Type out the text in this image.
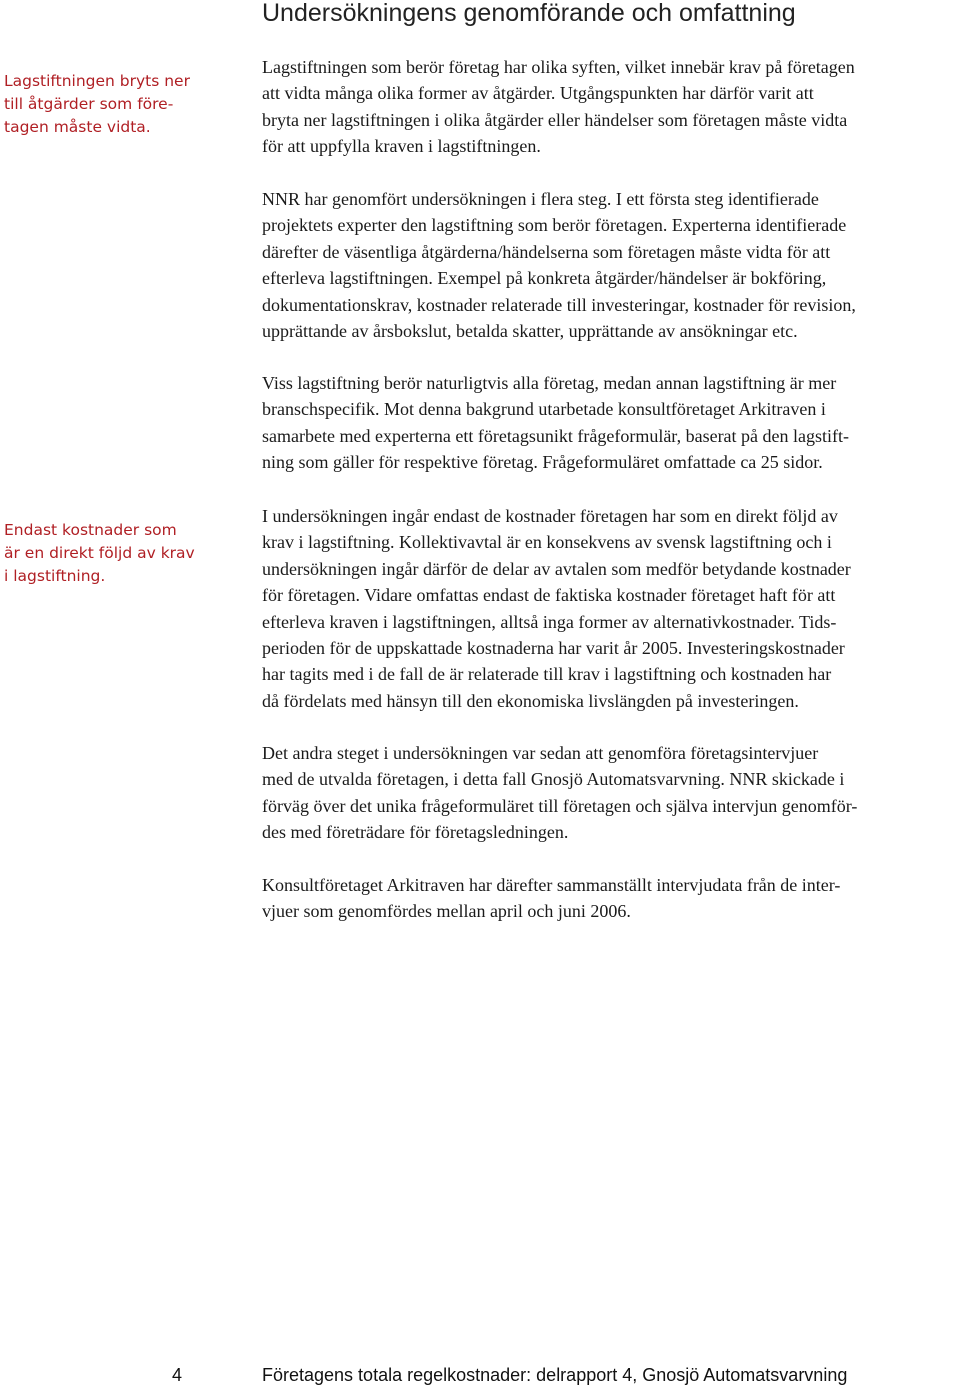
Undersökningens genomförande och omfattning
Lagstiftningen bryts ner
till åtgärder som före-
tagen måste vidta.
Endast kostnader som
är en direkt följd av krav
i lagstiftning.
Lagstiftningen som berör företag har olika syften, vilket innebär krav på företagen
att vidta många olika former av åtgärder. Utgångspunkten har därför varit att
bryta ner lagstiftningen i olika åtgärder eller händelser som företagen måste vidta
för att uppfylla kraven i lagstiftningen.
NNR har genomfört undersökningen i flera steg. I ett första steg identifierade
projektets experter den lagstiftning som berör företagen. Experterna identifierade
därefter de väsentliga åtgärderna/händelserna som företagen måste vidta för att
efterleva lagstiftningen. Exempel på konkreta åtgärder/händelser är bokföring,
dokumentationskrav, kostnader relaterade till investeringar, kostnader för revision,
upprättande av årsbokslut, betalda skatter, upprättande av ansökningar etc.
Viss lagstiftning berör naturligtvis alla företag, medan annan lagstiftning är mer
branschspecifik. Mot denna bakgrund utarbetade konsultföretaget Arkitraven i
samarbete med experterna ett företagsunikt frågeformulär, baserat på den lagstift-
ning som gäller för respektive företag. Frågeformuläret omfattade ca 25 sidor.
I undersökningen ingår endast de kostnader företagen har som en direkt följd av
krav i lagstiftning. Kollektivavtal är en konsekvens av svensk lagstiftning och i
undersökningen ingår därför de delar av avtalen som medför betydande kostnader
för företagen. Vidare omfattas endast de faktiska kostnader företaget haft för att
efterleva kraven i lagstiftningen, alltså inga former av alternativkostnader. Tids-
perioden för de uppskattade kostnaderna har varit år 2005. Investeringskostnader
har tagits med i de fall de är relaterade till krav i lagstiftning och kostnaden har
då fördelats med hänsyn till den ekonomiska livslängden på investeringen.
Det andra steget i undersökningen var sedan att genomföra företagsintervjuer
med de utvalda företagen, i detta fall Gnosjö Automatsvarvning. NNR skickade i
förväg över det unika frågeformuläret till företagen och själva intervjun genomför-
des med företrädare för företagsledningen.
Konsultföretaget Arkitraven har därefter sammanställt intervjudata från de inter-
vjuer som genomfördes mellan april och juni 2006.
4	Företagens totala regelkostnader: delrapport 4, Gnosjö Automatsvarvning
